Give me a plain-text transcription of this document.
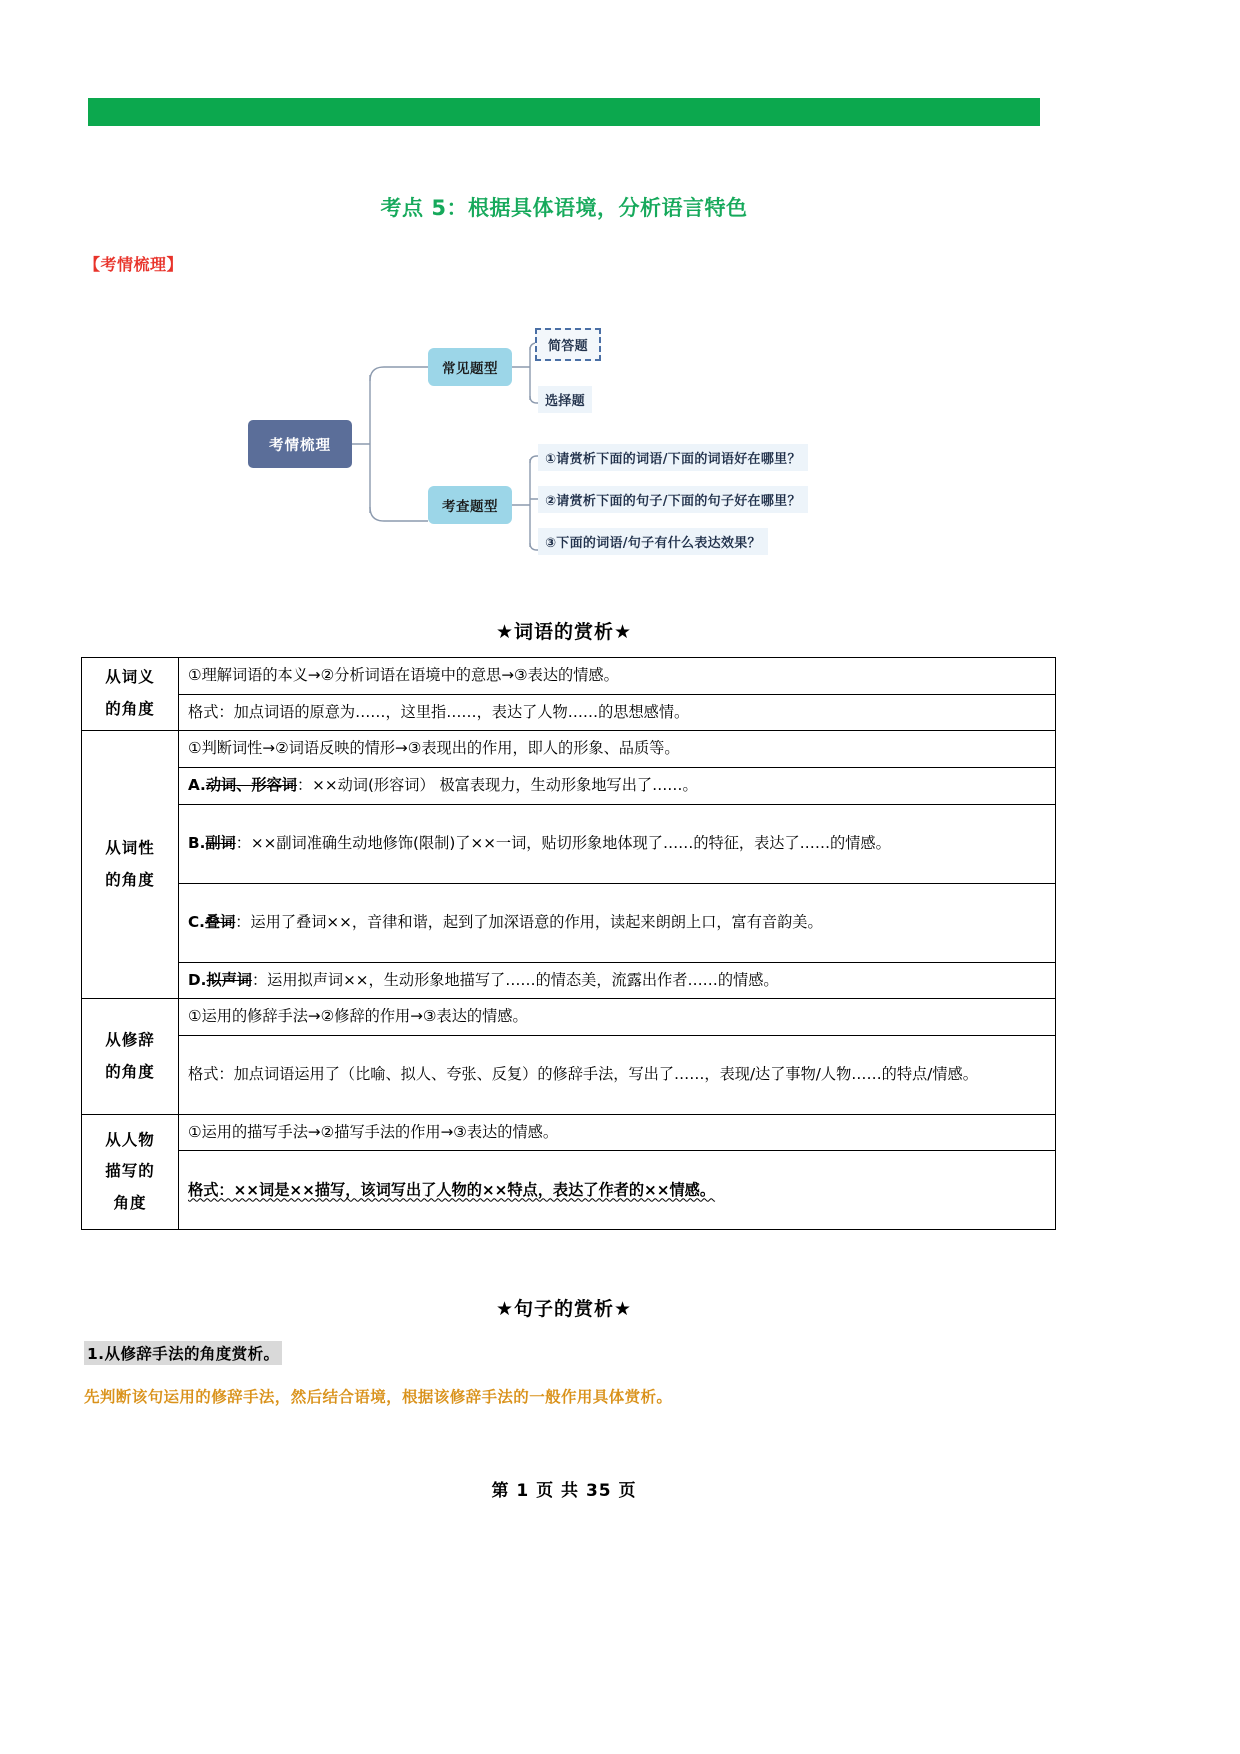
考点 5：根据具体语境，分析语言特色
【考情梳理】
考情梳理
常见题型
考查题型
简答题
选择题
①请赏析下面的词语/下面的词语好在哪里？
②请赏析下面的句子/下面的句子好在哪里？
③下面的词语/句子有什么表达效果？
★词语的赏析★
从词义
的角度	①理解词语的本义→②分析词语在语境中的意思→③表达的情感。
	格式：加点词语的原意为……，这里指……，表达了人物……的思想感情。

从词性
的角度	①判断词性→②词语反映的情形→③表现出的作用，即人的形象、品质等。
	A.动词、形容词：××动词(形容词） 极富表现力，生动形象地写出了……。
	B.副词：××副词准确生动地修饰(限制)了××一词，贴切形象地体现了……的特征，表达了……的情感。
	C.叠词：运用了叠词××，音律和谐，起到了加深语意的作用，读起来朗朗上口，富有音韵美。
	D.拟声词：运用拟声词××，生动形象地描写了……的情态美，流露出作者……的情感。

从修辞
的角度	①运用的修辞手法→②修辞的作用→③表达的情感。
	格式：加点词语运用了（比喻、拟人、夸张、反复）的修辞手法，写出了……，表现/达了事物/人物……的特点/情感。

从人物
描写的
角度	①运用的描写手法→②描写手法的作用→③表达的情感。
	格式：××词是××描写，该词写出了人物的××特点，表达了作者的××情感。
★句子的赏析★
1.从修辞手法的角度赏析。
先判断该句运用的修辞手法，然后结合语境，根据该修辞手法的一般作用具体赏析。
第 1 页 共 35 页
